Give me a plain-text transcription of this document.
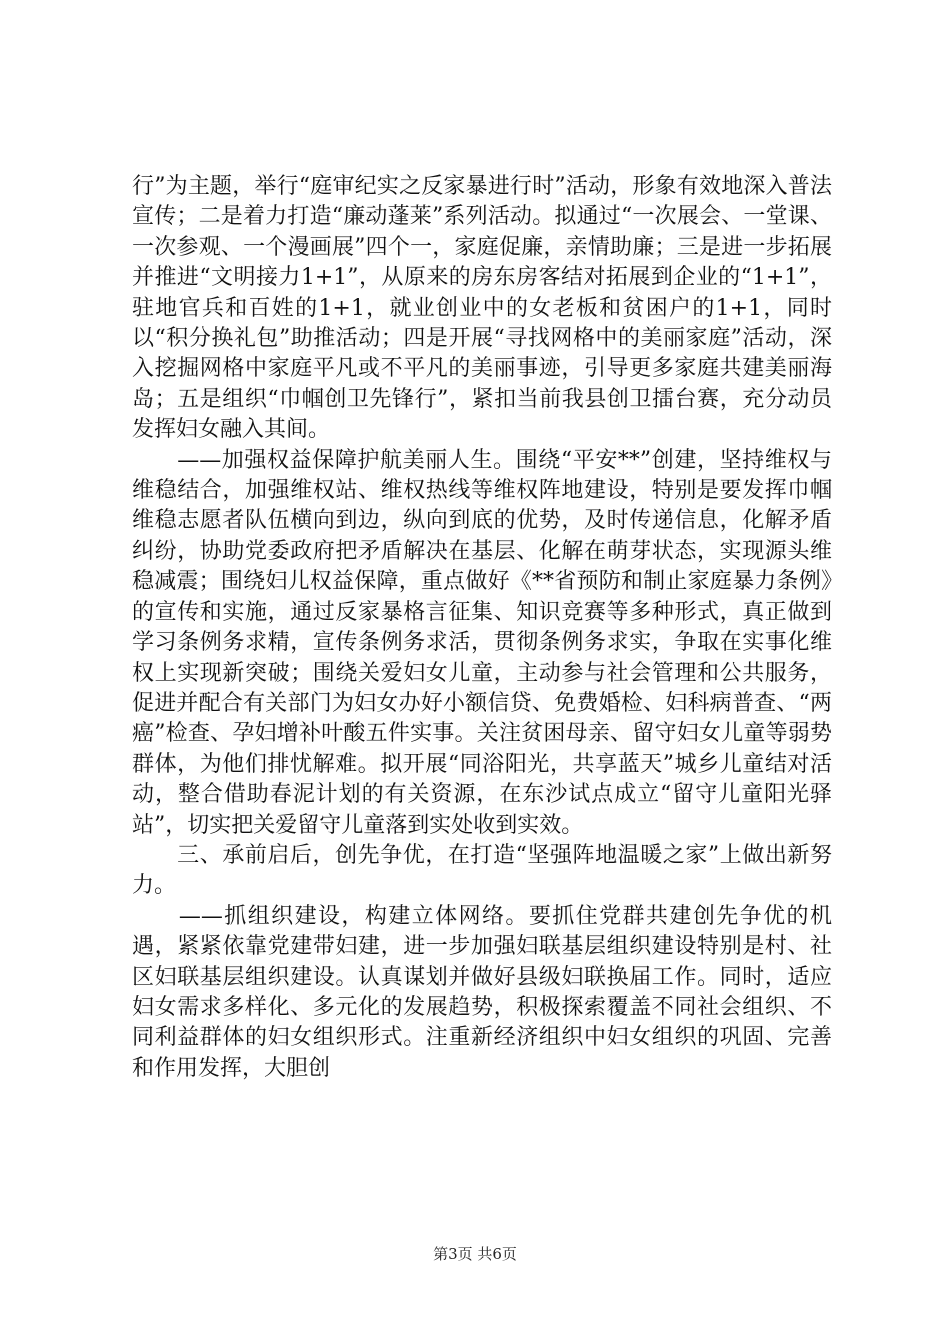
行”为主题，举行“庭审纪实之反家暴进行时”活动，形象有效地深入普法宣传；二是着力打造“廉动蓬莱”系列活动。拟通过“一次展会、一堂课、一次参观、一个漫画展”四个一，家庭促廉，亲情助廉；三是进一步拓展并推进“文明接力1+1”，从原来的房东房客结对拓展到企业的“1+1”，驻地官兵和百姓的1+1，就业创业中的女老板和贫困户的1+1，同时以“积分换礼包”助推活动；四是开展“寻找网格中的美丽家庭”活动，深入挖掘网格中家庭平凡或不平凡的美丽事迹，引导更多家庭共建美丽海岛；五是组织“巾帼创卫先锋行”，紧扣当前我县创卫擂台赛，充分动员发挥妇女融入其间。

　　——加强权益保障护航美丽人生。围绕“平安**”创建，坚持维权与维稳结合，加强维权站、维权热线等维权阵地建设，特别是要发挥巾帼维稳志愿者队伍横向到边，纵向到底的优势，及时传递信息，化解矛盾纠纷，协助党委政府把矛盾解决在基层、化解在萌芽状态，实现源头维稳减震；围绕妇儿权益保障，重点做好《**省预防和制止家庭暴力条例》的宣传和实施，通过反家暴格言征集、知识竞赛等多种形式，真正做到学习条例务求精，宣传条例务求活，贯彻条例务求实，争取在实事化维权上实现新突破；围绕关爱妇女儿童，主动参与社会管理和公共服务，促进并配合有关部门为妇女办好小额信贷、免费婚检、妇科病普查、“两癌”检查、孕妇增补叶酸五件实事。关注贫困母亲、留守妇女儿童等弱势群体，为他们排忧解难。拟开展“同浴阳光，共享蓝天”城乡儿童结对活动，整合借助春泥计划的有关资源，在东沙试点成立“留守儿童阳光驿站”，切实把关爱留守儿童落到实处收到实效。

　　三、承前启后，创先争优，在打造“坚强阵地温暖之家”上做出新努力。

　　——抓组织建设，构建立体网络。要抓住党群共建创先争优的机遇，紧紧依靠党建带妇建，进一步加强妇联基层组织建设特别是村、社区妇联基层组织建设。认真谋划并做好县级妇联换届工作。同时，适应妇女需求多样化、多元化的发展趋势，积极探索覆盖不同社会组织、不同利益群体的妇女组织形式。注重新经济组织中妇女组织的巩固、完善和作用发挥，大胆创

第3页 共6页
